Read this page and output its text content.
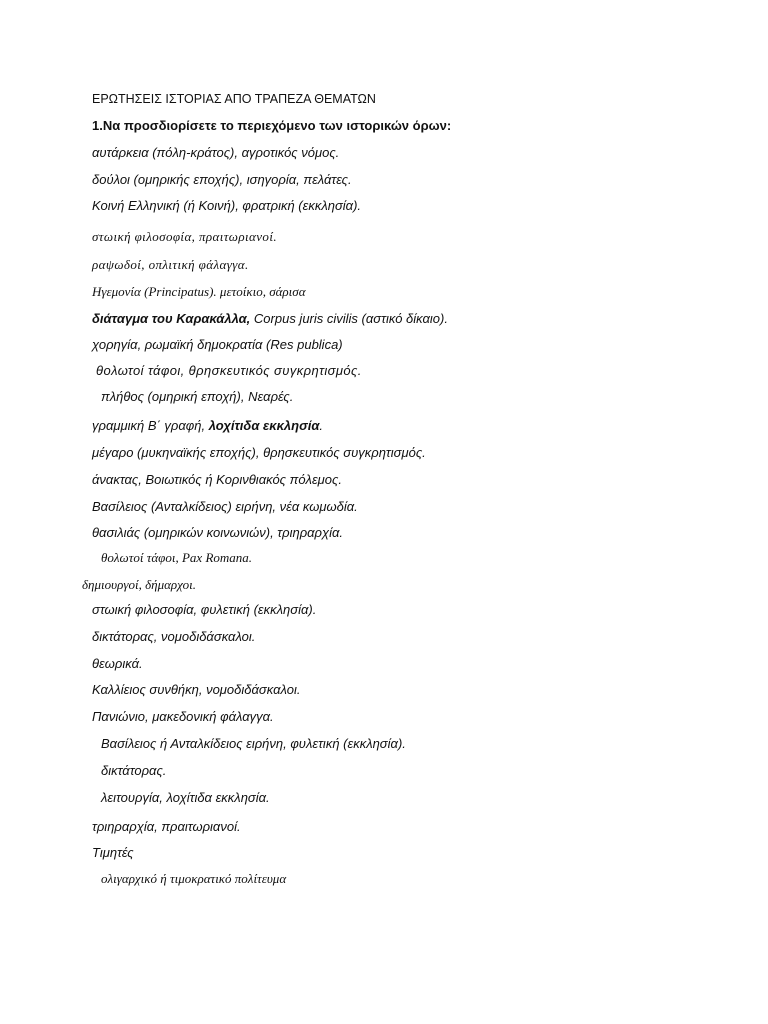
ΕΡΩΤΗΣΕΙΣ ΙΣΤΟΡΙΑΣ ΑΠΟ ΤΡΑΠΕΖΑ ΘΕΜΑΤΩΝ
1.Να προσδιορίσετε το περιεχόμενο των ιστορικών όρων:
αυτάρκεια (πόλη-κράτος), αγροτικός νόμος.
δούλοι (ομηρικής εποχής), ισηγορία, πελάτες.
Κοινή Ελληνική (ή Κοινή), φρατρική (εκκλησία).
στωική φιλοσοφία, πραιτωριανοί.
ραψωδοί, οπλιτική φάλαγγα.
Ηγεμονία (Principatus). μετοίκιο, σάρισα
διάταγμα του Καρακάλλα, Corpus juris civilis (αστικό δίκαιο).
χορηγία, ρωμαϊκή δημοκρατία (Res publica)
θολωτοί τάφοι, θρησκευτικός συγκρητισμός.
πλήθος (ομηρική εποχή), Νεαρές.
γραμμική Β΄ γραφή, λοχίτιδα εκκλησία.
μέγαρο (μυκηναϊκής εποχής), θρησκευτικός συγκρητισμός.
άνακτας, Βοιωτικός ή Κορινθιακός πόλεμος.
Βασίλειος (Ανταλκίδειος) ειρήνη, νέα κωμωδία.
θασιλιάς (ομηρικών κοινωνιών), τριηραρχία.
θολωτοί τάφοι, Pax Romana.
δημιουργοί, δήμαρχοι.
στωική φιλοσοφία, φυλετική (εκκλησία).
δικτάτορας, νομοδιδάσκαλοι.
θεωρικά.
Καλλίειος συνθήκη, νομοδιδάσκαλοι.
Πανιώνιο, μακεδονική φάλαγγα.
Βασίλειος ή Ανταλκίδειος ειρήνη, φυλετική (εκκλησία).
δικτάτορας.
λειτουργία, λοχίτιδα εκκλησία.
τριηραρχία, πραιτωριανοί.
Τιμητές
ολιγαρχικό ή τιμοκρατικό πολίτευμα
